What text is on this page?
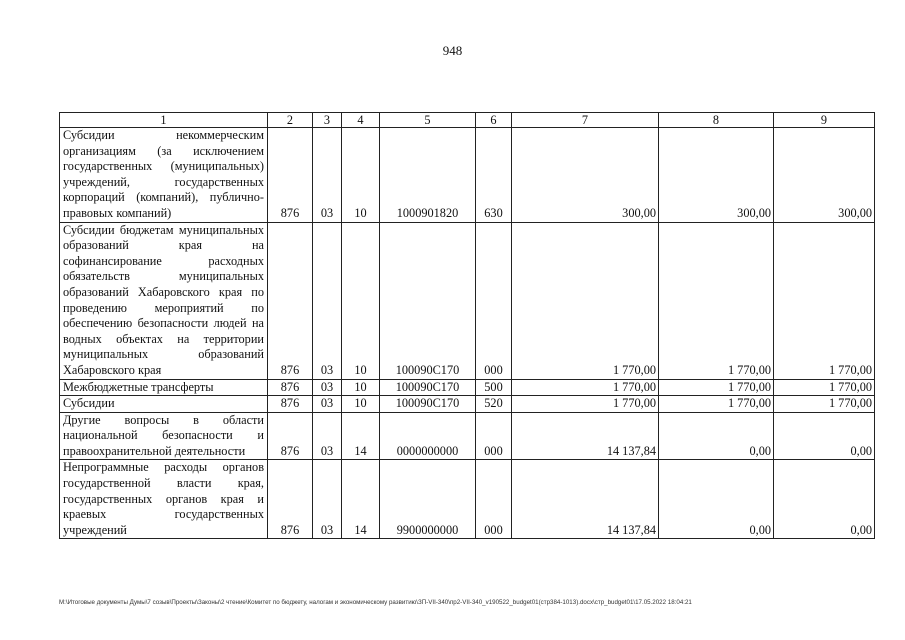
948
1	2	3	4	5	6	7	8	9
Субсидии некоммерческим организациям (за исключением государственных (муниципальных) учреждений, государственных корпораций (компаний), публично-правовых компаний)	876	03	10	1000901820	630	300,00	300,00	300,00
Субсидии бюджетам муниципальных образований края на софинансирование расходных обязательств муниципальных образований Хабаровского края по проведению мероприятий по обеспечению безопасности людей на водных объектах на территории муниципальных образований Хабаровского края	876	03	10	100090С170	000	1 770,00	1 770,00	1 770,00
Межбюджетные трансферты	876	03	10	100090С170	500	1 770,00	1 770,00	1 770,00
Субсидии	876	03	10	100090С170	520	1 770,00	1 770,00	1 770,00
Другие вопросы в области национальной безопасности и правоохранительной деятельности	876	03	14	0000000000	000	14 137,84	0,00	0,00
Непрограммные расходы органов государственной власти края, государственных органов края и краевых государственных учреждений	876	03	14	9900000000	000	14 137,84	0,00	0,00
M:\Итоговые документы Думы\7 созыв\Проекты\Законы\2 чтение\Комитет по бюджету, налогам и экономическому развитию\ЗП-VII-340\пр2-VII-340_v190522_budget01(стр384-1013).docx\стр_budget01\17.05.2022 18:04:21
